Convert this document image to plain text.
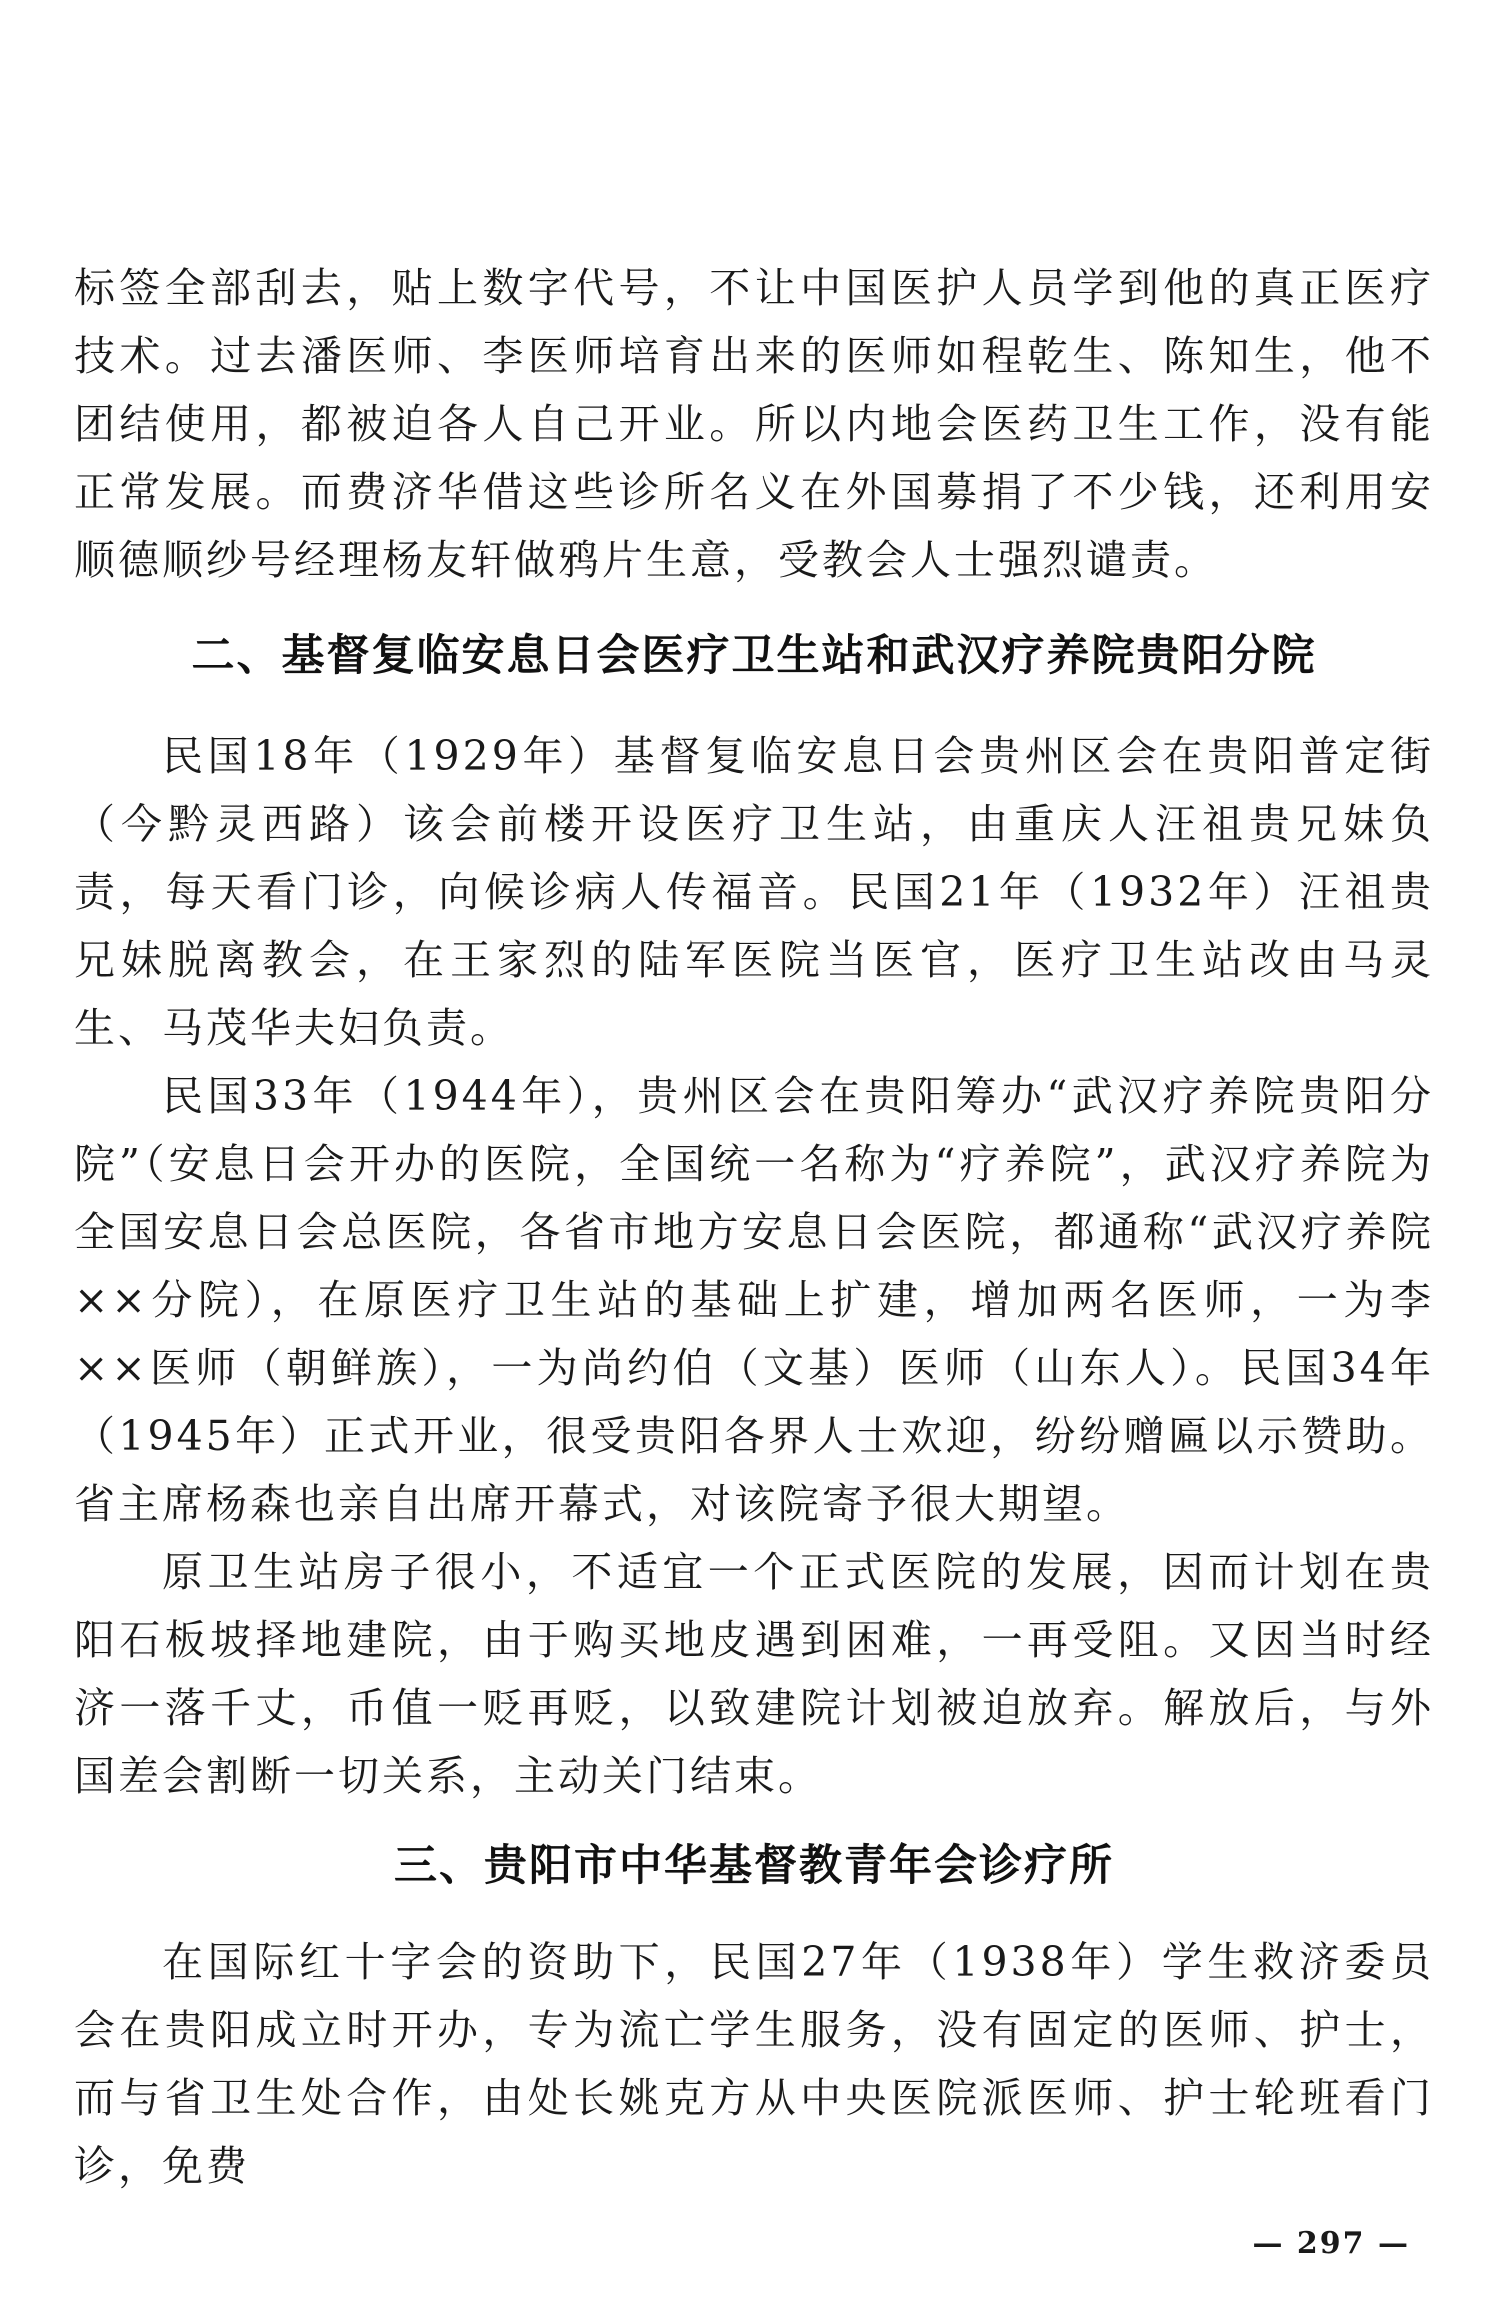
标签全部刮去，贴上数字代号，不让中国医护人员学到他的真正医疗技术。过去潘医师、李医师培育出来的医师如程乾生、陈知生，他不团结使用，都被迫各人自己开业。所以内地会医药卫生工作，没有能正常发展。而费济华借这些诊所名义在外国募捐了不少钱，还利用安顺德顺纱号经理杨友轩做鸦片生意，受教会人士强烈谴责。

二、基督复临安息日会医疗卫生站和武汉疗养院贵阳分院

民国18年（1929年）基督复临安息日会贵州区会在贵阳普定街（今黔灵西路）该会前楼开设医疗卫生站，由重庆人汪祖贵兄妹负责，每天看门诊，向候诊病人传福音。民国21年（1932年）汪祖贵兄妹脱离教会，在王家烈的陆军医院当医官，医疗卫生站改由马灵生、马茂华夫妇负责。

民国33年（1944年），贵州区会在贵阳筹办“武汉疗养院贵阳分院”（安息日会开办的医院，全国统一名称为“疗养院”，武汉疗养院为全国安息日会总医院，各省市地方安息日会医院，都通称“武汉疗养院××分院），在原医疗卫生站的基础上扩建，增加两名医师，一为李××医师（朝鲜族），一为尚约伯（文基）医师（山东人）。民国34年（1945年）正式开业，很受贵阳各界人士欢迎，纷纷赠匾以示赞助。省主席杨森也亲自出席开幕式，对该院寄予很大期望。

原卫生站房子很小，不适宜一个正式医院的发展，因而计划在贵阳石板坡择地建院，由于购买地皮遇到困难，一再受阻。又因当时经济一落千丈，币值一贬再贬，以致建院计划被迫放弃。解放后，与外国差会割断一切关系，主动关门结束。

三、贵阳市中华基督教青年会诊疗所

在国际红十字会的资助下，民国27年（1938年）学生救济委员会在贵阳成立时开办，专为流亡学生服务，没有固定的医师、护士，而与省卫生处合作，由处长姚克方从中央医院派医师、护士轮班看门诊，免费

— 297 —
